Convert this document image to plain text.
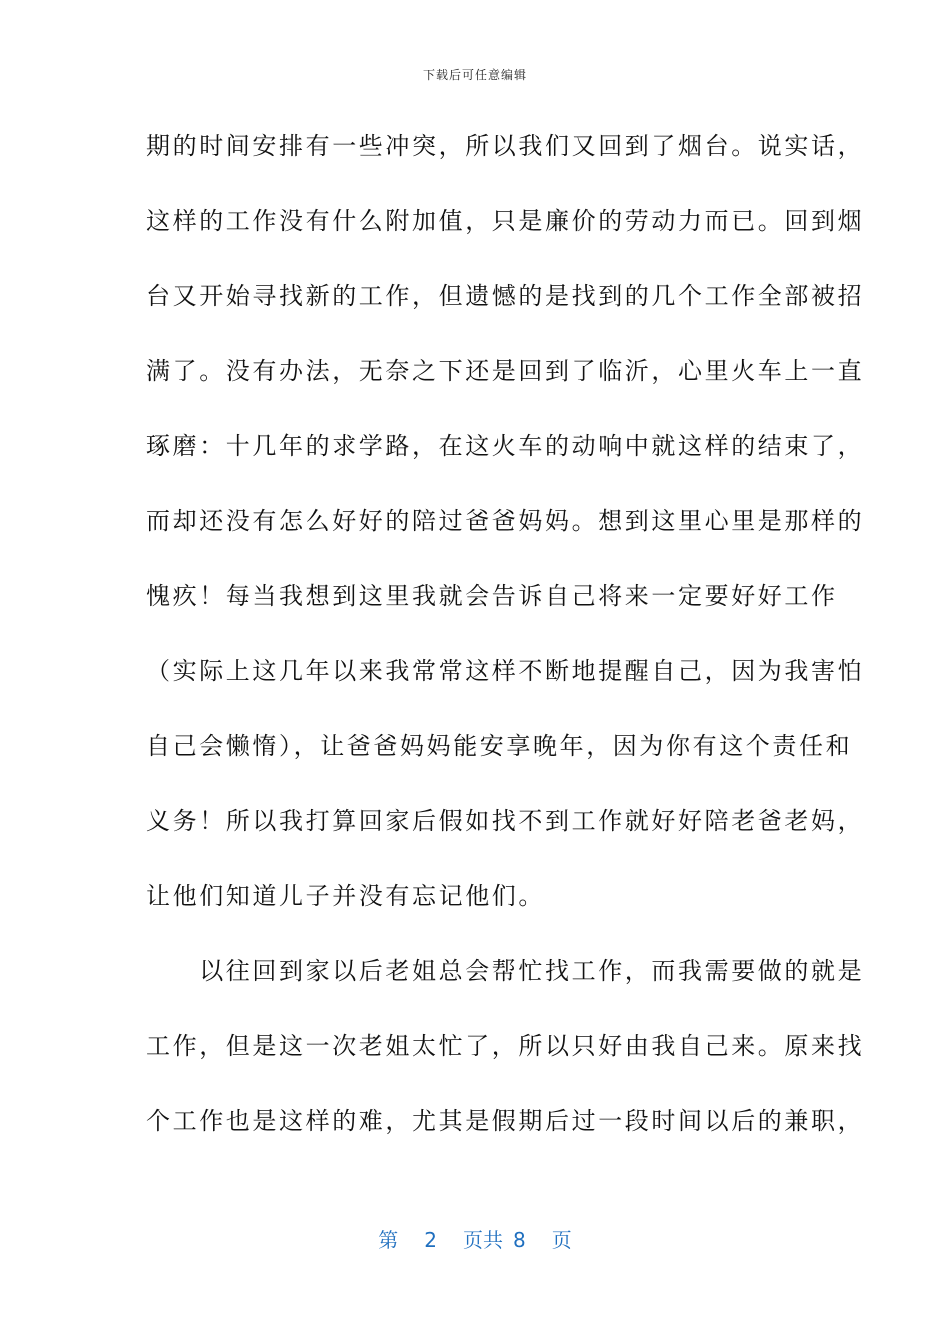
下载后可任意编辑
期的时间安排有一些冲突，所以我们又回到了烟台。说实话，
这样的工作没有什么附加值，只是廉价的劳动力而已。回到烟
台又开始寻找新的工作，但遗憾的是找到的几个工作全部被招
满了。没有办法，无奈之下还是回到了临沂，心里火车上一直
琢磨：十几年的求学路，在这火车的动响中就这样的结束了，
而却还没有怎么好好的陪过爸爸妈妈。想到这里心里是那样的
愧疚！每当我想到这里我就会告诉自己将来一定要好好工作
（实际上这几年以来我常常这样不断地提醒自己，因为我害怕
自己会懒惰），让爸爸妈妈能安享晚年，因为你有这个责任和
义务！所以我打算回家后假如找不到工作就好好陪老爸老妈，
让他们知道儿子并没有忘记他们。
　　以往回到家以后老姐总会帮忙找工作，而我需要做的就是
工作，但是这一次老姐太忙了，所以只好由我自己来。原来找
个工作也是这样的难，尤其是假期后过一段时间以后的兼职，
第 2 页共 8 页
